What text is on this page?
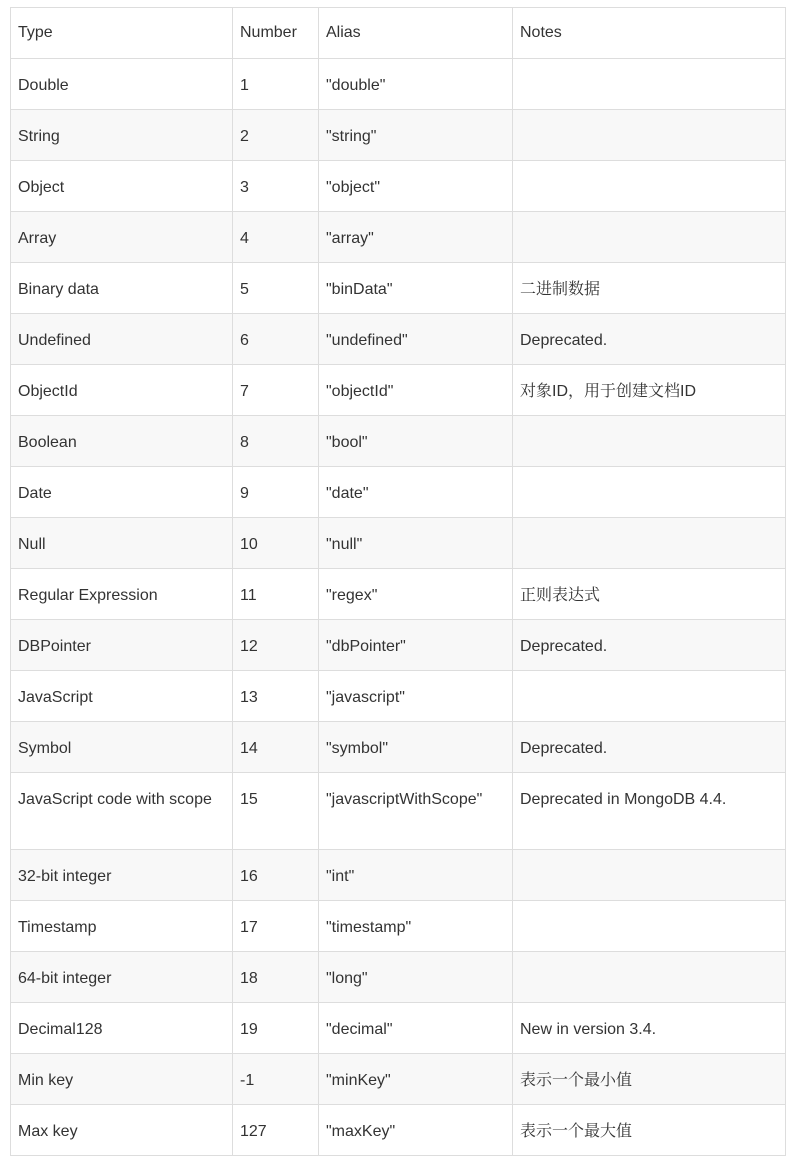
Type	Number	Alias	Notes
Double	1	"double"	
String	2	"string"	
Object	3	"object"	
Array	4	"array"	
Binary data	5	"binData"	二进制数据
Undefined	6	"undefined"	Deprecated.
ObjectId	7	"objectId"	对象ID，用于创建文档ID
Boolean	8	"bool"	
Date	9	"date"	
Null	10	"null"	
Regular Expression	11	"regex"	正则表达式
DBPointer	12	"dbPointer"	Deprecated.
JavaScript	13	"javascript"	
Symbol	14	"symbol"	Deprecated.
JavaScript code with scope	15	"javascriptWithScope"	Deprecated in MongoDB 4.4.
32-bit integer	16	"int"	
Timestamp	17	"timestamp"	
64-bit integer	18	"long"	
Decimal128	19	"decimal"	New in version 3.4.
Min key	-1	"minKey"	表示一个最小值
Max key	127	"maxKey"	表示一个最大值
